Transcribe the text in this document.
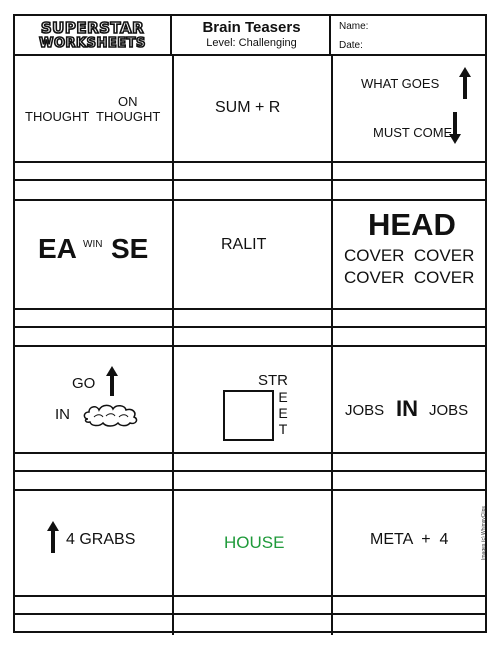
SUPERSTAR
WORKSHEETS
Brain Teasers
Level: Challenging
Name:
Date:
ON
THOUGHT  THOUGHT
SUM + R
WHAT GOES
MUST COME
EA WIN SE	RALIT
HEAD
COVER  COVER
COVER  COVER
GO
IN
STR
EET	JOBS IN JOBS
4 GRABS	HOUSE	META  +  4	Images (c) WhimsyClips
